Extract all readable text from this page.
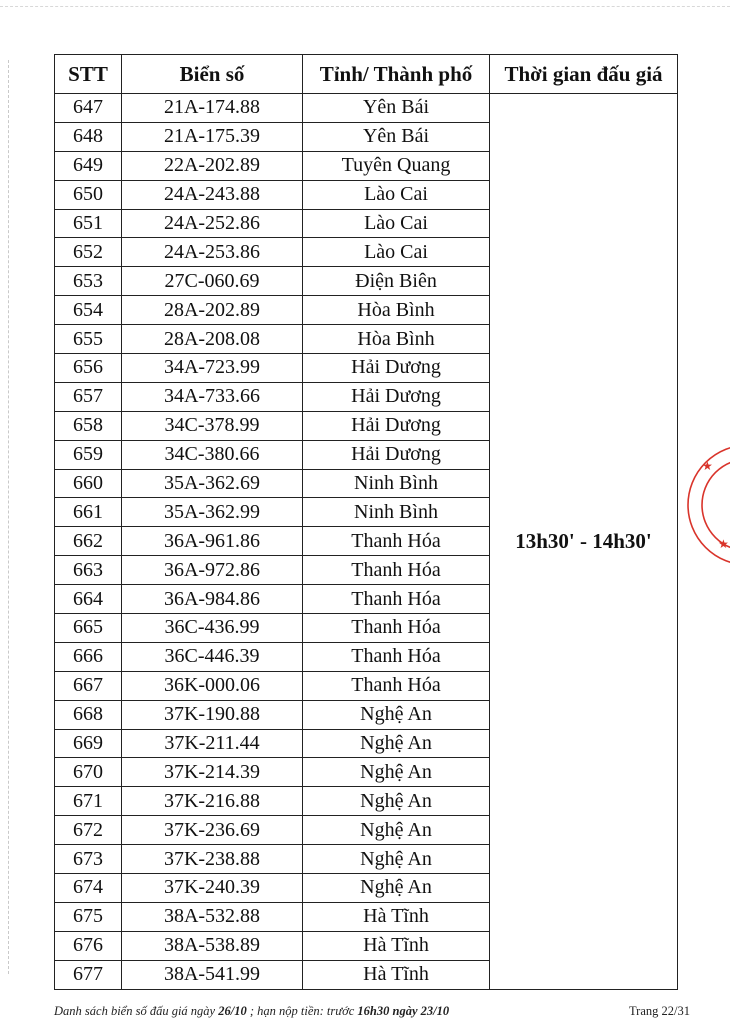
STT	Biển số	Tỉnh/ Thành phố	Thời gian đấu giá
647	21A-174.88	Yên Bái	13h30' - 14h30'
648	21A-175.39	Yên Bái	
649	22A-202.89	Tuyên Quang	
650	24A-243.88	Lào Cai	
651	24A-252.86	Lào Cai	
652	24A-253.86	Lào Cai	
653	27C-060.69	Điện Biên	
654	28A-202.89	Hòa Bình	
655	28A-208.08	Hòa Bình	
656	34A-723.99	Hải Dương	
657	34A-733.66	Hải Dương	
658	34C-378.99	Hải Dương	
659	34C-380.66	Hải Dương	
660	35A-362.69	Ninh Bình	
661	35A-362.99	Ninh Bình	
662	36A-961.86	Thanh Hóa	
663	36A-972.86	Thanh Hóa	
664	36A-984.86	Thanh Hóa	
665	36C-436.99	Thanh Hóa	
666	36C-446.39	Thanh Hóa	
667	36K-000.06	Thanh Hóa	
668	37K-190.88	Nghệ An	
669	37K-211.44	Nghệ An	
670	37K-214.39	Nghệ An	
671	37K-216.88	Nghệ An	
672	37K-236.69	Nghệ An	
673	37K-238.88	Nghệ An	
674	37K-240.39	Nghệ An	
675	38A-532.88	Hà Tĩnh	
676	38A-538.89	Hà Tĩnh	
677	38A-541.99	Hà Tĩnh	
Danh sách biển số đấu giá ngày 26/10 ; hạn nộp tiền: trước 16h30 ngày 23/10	Trang 22/31
★
★
